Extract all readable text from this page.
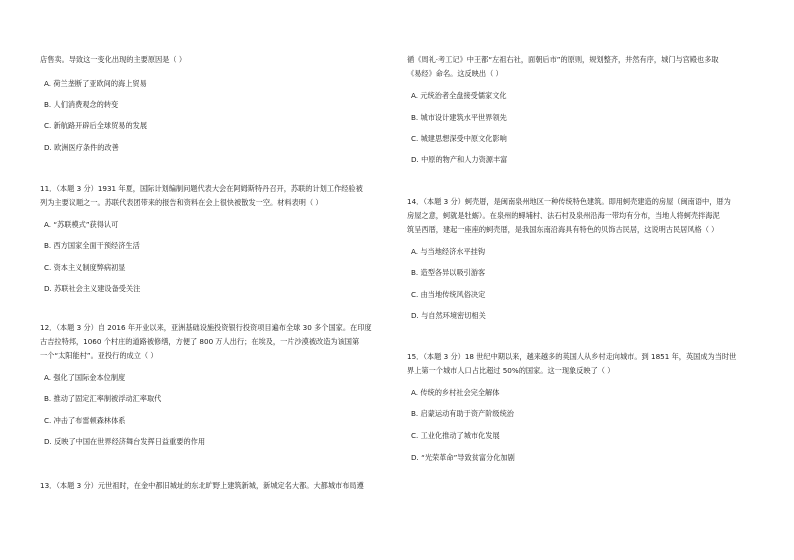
店售卖。导致这一变化出现的主要原因是（ ）
A. 荷兰垄断了亚欧间的海上贸易
B. 人们消费观念的转变
C. 新航路开辟后全球贸易的发展
D. 欧洲医疗条件的改善
11．（本题 3 分）1931 年夏，国际计划编制问题代表大会在阿姆斯特丹召开，苏联的计划工作经验被
列为主要议题之一。苏联代表团带来的报告和资料在会上很快被散发一空。材料表明（ ）
A. “苏联模式”获得认可
B. 西方国家全面干预经济生活
C. 资本主义制度弊病初显
D. 苏联社会主义建设备受关注
12．（本题 3 分）自 2016 年开业以来，亚洲基础设施投资银行投资项目遍布全球 30 多个国家。在印度
古吉拉特邦，1060 个村庄的道路被修缮，方便了 800 万人出行；在埃及，一片沙漠被改造为该国第
一个“太阳能村”。亚投行的成立（ ）
A. 强化了国际金本位制度
B. 推动了固定汇率制被浮动汇率取代
C. 冲击了布雷顿森林体系
D. 反映了中国在世界经济舞台发挥日益重要的作用
13．（本题 3 分）元世祖时，在金中都旧城址的东北旷野上建筑新城，新城定名大都。大都城市布局遵
循《周礼·考工记》中王都“左祖右社，面朝后市”的原则，规划整齐，井然有序，城门与宫殿也多取
《易经》命名。这反映出（ ）
A. 元统治者全盘接受儒家文化
B. 城市设计建筑水平世界领先
C. 城建思想深受中原文化影响
D. 中原的物产和人力资源丰富
14．（本题 3 分）蚵壳厝，是闽南泉州地区一种传统特色建筑。即用蚵壳建造的房屋（闽南语中，厝为
房屋之意，蚵就是牡蛎）。在泉州的蟳埔村、法石村及泉州沿海一带均有分布，当地人将蚵壳拌海泥
筑呈西厝，建起一座座的蚵壳厝，是我国东南沿海具有特色的贝饰古民居，这说明古民居风格（ ）
A. 与当地经济水平挂钩
B. 造型各异以吸引游客
C. 由当地传统风俗决定
D. 与自然环境密切相关
15．（本题 3 分）18 世纪中期以来，越来越多的英国人从乡村走向城市。到 1851 年，英国成为当时世
界上第一个城市人口占比超过 50%的国家。这一现象反映了（ ）
A. 传统的乡村社会完全解体
B. 启蒙运动有助于资产阶级统治
C. 工业化推动了城市化发展
D. “光荣革命”导致贫富分化加剧
